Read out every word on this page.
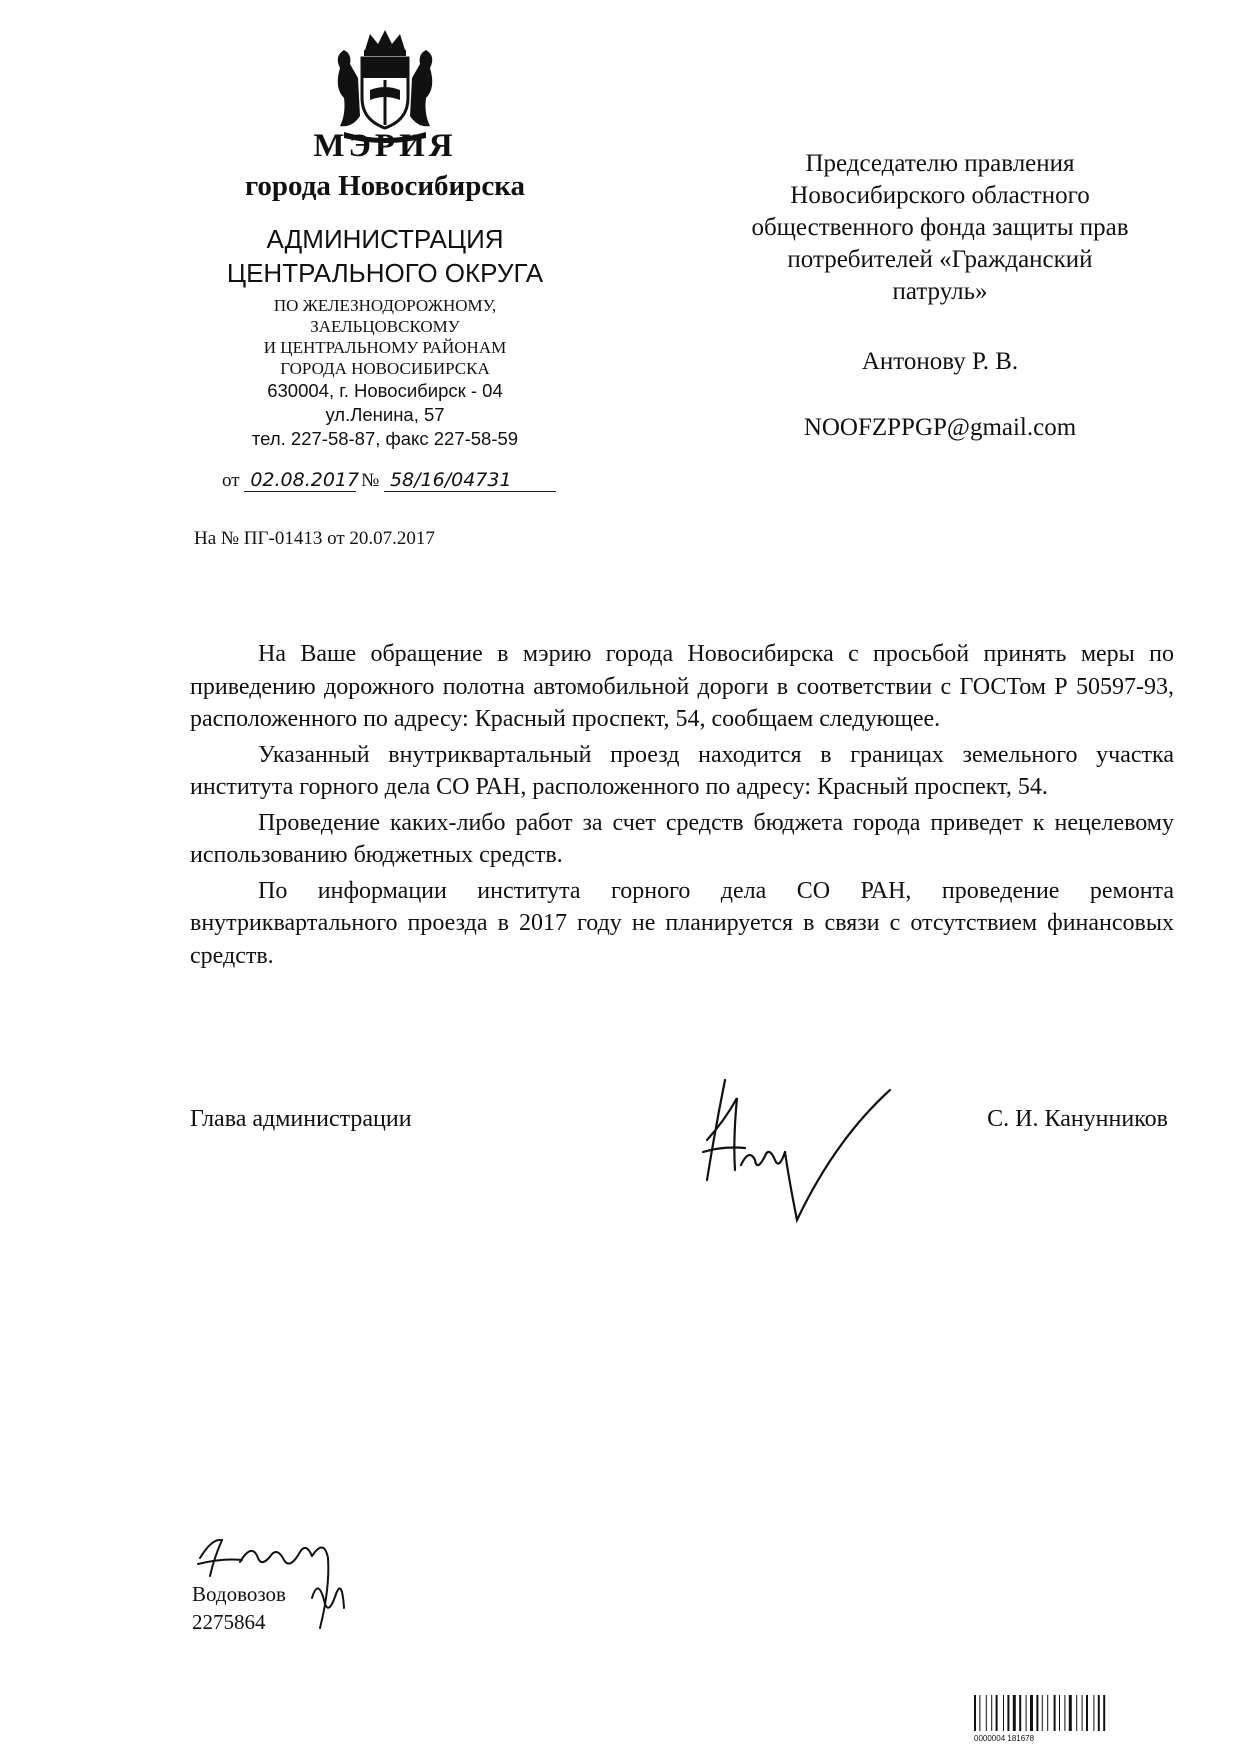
МЭРИЯ
города Новосибирска
АДМИНИСТРАЦИЯ
ЦЕНТРАЛЬНОГО ОКРУГА
ПО ЖЕЛЕЗНОДОРОЖНОМУ,
ЗАЕЛЬЦОВСКОМУ
И ЦЕНТРАЛЬНОМУ РАЙОНАМ
ГОРОДА НОВОСИБИРСКА
630004, г. Новосибирск - 04
ул.Ленина, 57
тел. 227-58-87, факс 227-58-59
от 02.08.2017 № 58/16/04731
На № ПГ-01413 от 20.07.2017
Председателю правления
Новосибирского областного
общественного фонда защиты прав
потребителей «Гражданский
патруль»
Антонову Р. В.
NOOFZPPGP@gmail.com

На Ваше обращение в мэрию города Новосибирска с просьбой принять меры по приведению дорожного полотна автомобильной дороги в соответствии с ГОСТом Р 50597-93, расположенного по адресу: Красный проспект, 54, сообщаем следующее.

Указанный внутриквартальный проезд находится в границах земельного участка института горного дела СО РАН, расположенного по адресу: Красный проспект, 54.

Проведение каких-либо работ за счет средств бюджета города приведет к нецелевому использованию бюджетных средств.

По информации института горного дела СО РАН, проведение ремонта внутриквартального проезда в 2017 году не планируется в связи с отсутствием финансовых средств.

Глава администрации	С. И. Канунников
Водовозов
2275864
0000004 181678
